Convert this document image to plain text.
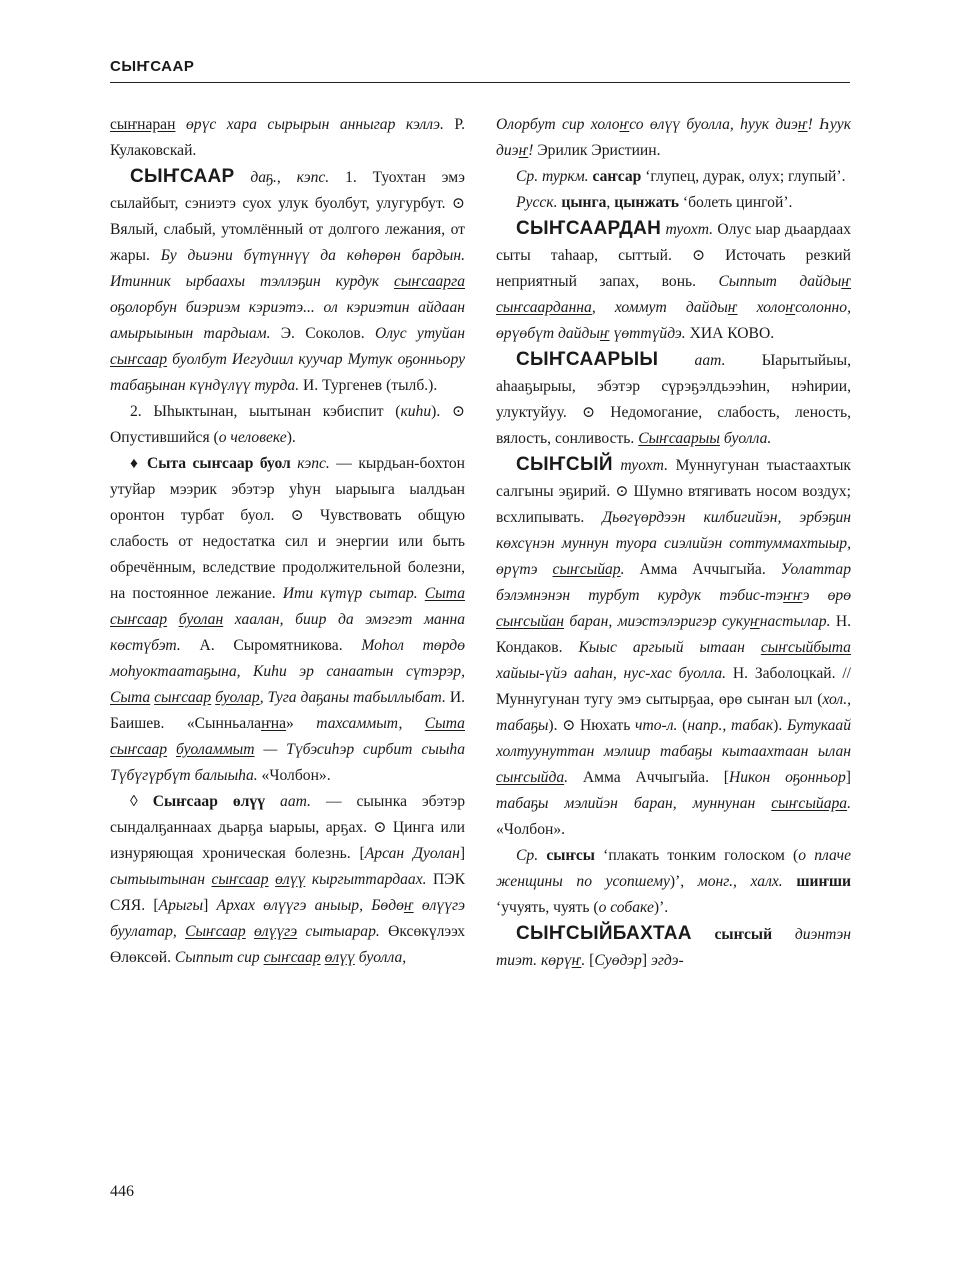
СЫҤСААР

сыҥнаран өрүс хара сырырын анныгар кэллэ. Р. Кулаковскай.

СЫҤСААР даҕ., кэпс. 1. Туохтан эмэ сылайбыт, сэниэтэ суох улук буолбут, улугурбут. ⊙ Вялый, слабый, утомлённый от долгого лежания, от жары. Бу дьиэни бүтүннүү да көһөрөн бардын. Итинник ырбаахы тэллэҕин курдук сыҥсаарга оҕолорбун биэриэм кэриэтэ... ол кэриэтин айдаан амырыынын тардыам. Э. Соколов. Олус утуйан сыҥсаар буолбут Иегудиил куучар Мутук оҕонньору табаҕынан күндүлүү турда. И. Тургенев (тылб.).

2. Ыһыктынан, ыытынан кэбиспит (киһи). ⊙ Опустившийся (о человеке).

♦ Сыта сыҥсаар буол кэпс. — кырдьан-бохтон утуйар мээрик эбэтэр уһун ыарыыга ыалдьан оронтон турбат буол. ⊙ Чувствовать общую слабость от недостатка сил и энергии или быть обречённым, вследствие продолжительной болезни, на постоянное лежание. Ити күтүр сытар. Сыта сыҥсаар буолан хаалан, биир да эмэгэт манна көстүбэт. А. Сыромятникова. Моһол төрдө моһуоктаатаҕына, Киһи эр санаатын сүтэрэр, Сыта сыҥсаар буолар, Туга даҕаны табыллыбат. И. Баишев. «Сынньалаҥна» тахсаммыт, Сыта сыҥсаар буоламмыт — Түбэсиһэр сирбит сыыһа Түбүгүрбүт балыыһа. «Чолбон».

◊ Сыҥсаар өлүү аат. — сыынка эбэтэр сындалҕаннаах дьарҕа ыарыы, арҕах. ⊙ Цинга или изнуряющая хроническая болезнь. [Арсан Дуолан] сытыытынан сыҥсаар өлүү кыргыттардаах. ПЭК СЯЯ. [Арыгы] Архах өлүүгэ аныыр, Бөдөҥ өлүүгэ буулатар, Сыҥсаар өлүүгэ сытыарар. Өксөкүлээх Өлөксөй. Сыппыт сир сыҥсаар өлүү буолла,

Олорбут сир холоҥсо өлүү буолла, һуук диэҥ! Һуук диэҥ! Эрилик Эристиин.

Ср. туркм. саҥсар ‘глупец, дурак, олух; глупый’.

Русск. цынга, цынжать ‘болеть цингой’.

СЫҤСААРДАН туохт. Олус ыар дьаардаах сыты таһаар, сыттый. ⊙ Источать резкий неприятный запах, вонь. Сыппыт дайдыҥ сыҥсаарданна, хоммут дайдыҥ холоҥсолонно, өрүөбүт дайдыҥ үөттүйдэ. ХИА КОВО.

СЫҤСААРЫЫ аат. Ыарытыйыы, аһааҕырыы, эбэтэр сүрэҕэлдьээһин, нэһирии, улуктуйуу. ⊙ Недомогание, слабость, леность, вялость, сонливость. Сыҥсаарыы буолла.

СЫҤСЫЙ туохт. Муннугунан тыастаахтык салгыны эҕирий. ⊙ Шумно втягивать носом воздух; всхлипывать. Дьөгүөрдээн килбигийэн, эрбэҕин көхсүнэн муннун туора сиэлийэн соттуммахтыыр, өрүтэ сыҥсыйар. Амма Аччыгыйа. Уолаттар бэлэмнэнэн турбут курдук тэбис-тэҥҥэ өрө сыҥсыйан баран, миэстэлэригэр сукуҥнастылар. Н. Кондаков. Кыыс аргыый ытаан сыҥсыйбыта хайыы-үйэ ааһан, нус-хас буолла. Н. Заболоцкай. // Муннугунан тугу эмэ сытырҕаа, өрө сыҥан ыл (хол., табаҕы). ⊙ Нюхать что-л. (напр., табак). Бутукаай холтуунуттан мэлиир табаҕы кытаахтаан ылан сыҥсыйда. Амма Аччыгыйа. [Никон оҕонньор] табаҕы мэлийэн баран, муннунан сыҥсыйара. «Чолбон».

Ср. сыҥсы ‘плакать тонким голоском (о плаче женщины по усопшему)’, монг., халх. шиҥши ‘учуять, чуять (о собаке)’.

СЫҤСЫЙБАХТАА сыҥсый диэнтэн тиэт. көрүҥ. [Суөдэр] эгдэ-

446
